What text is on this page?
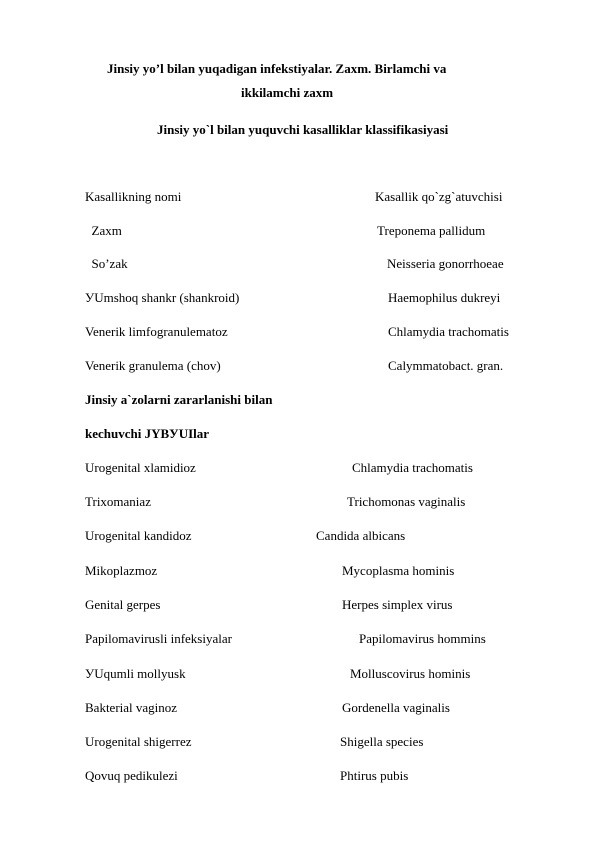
Jinsiy yo’l bilan yuqadigan infekstiyalar. Zaxm. Birlamchi va
ikkilamchi zaxm
Jinsiy yo`l bilan yuquvchi kasalliklar klassifikasiyasi
Kasallikning nomi	Kasallik qo`zg`atuvchisi
Zaxm	Treponema pallidum
So’zak	Neisseria gonorrhoeae
УUmshoq shankr (shankroid)	Haemophilus dukreyi
Venerik limfogranulematoz	Chlamydia trachomatis
Venerik granulema (chov)	Calymmatobact. gran.
Jinsiy a`zolarni zararlanishi bilan
kechuvchi JYBУUIlar
Urogenital xlamidioz	Chlamydia trachomatis
Trixomaniaz	Trichomonas vaginalis
Urogenital kandidoz	Candida albicans
Mikoplazmoz	Mycoplasma hominis
Genital gerpes	Herpes simplex virus
Papilomavirusli infeksiyalar	Papilomavirus hommins
УUqumli mollyusk	Molluscovirus hominis
Bakterial vaginoz	Gordenella vaginalis
Urogenital shigerrez	Shigella species
Qovuq pedikulezi	Phtirus pubis
